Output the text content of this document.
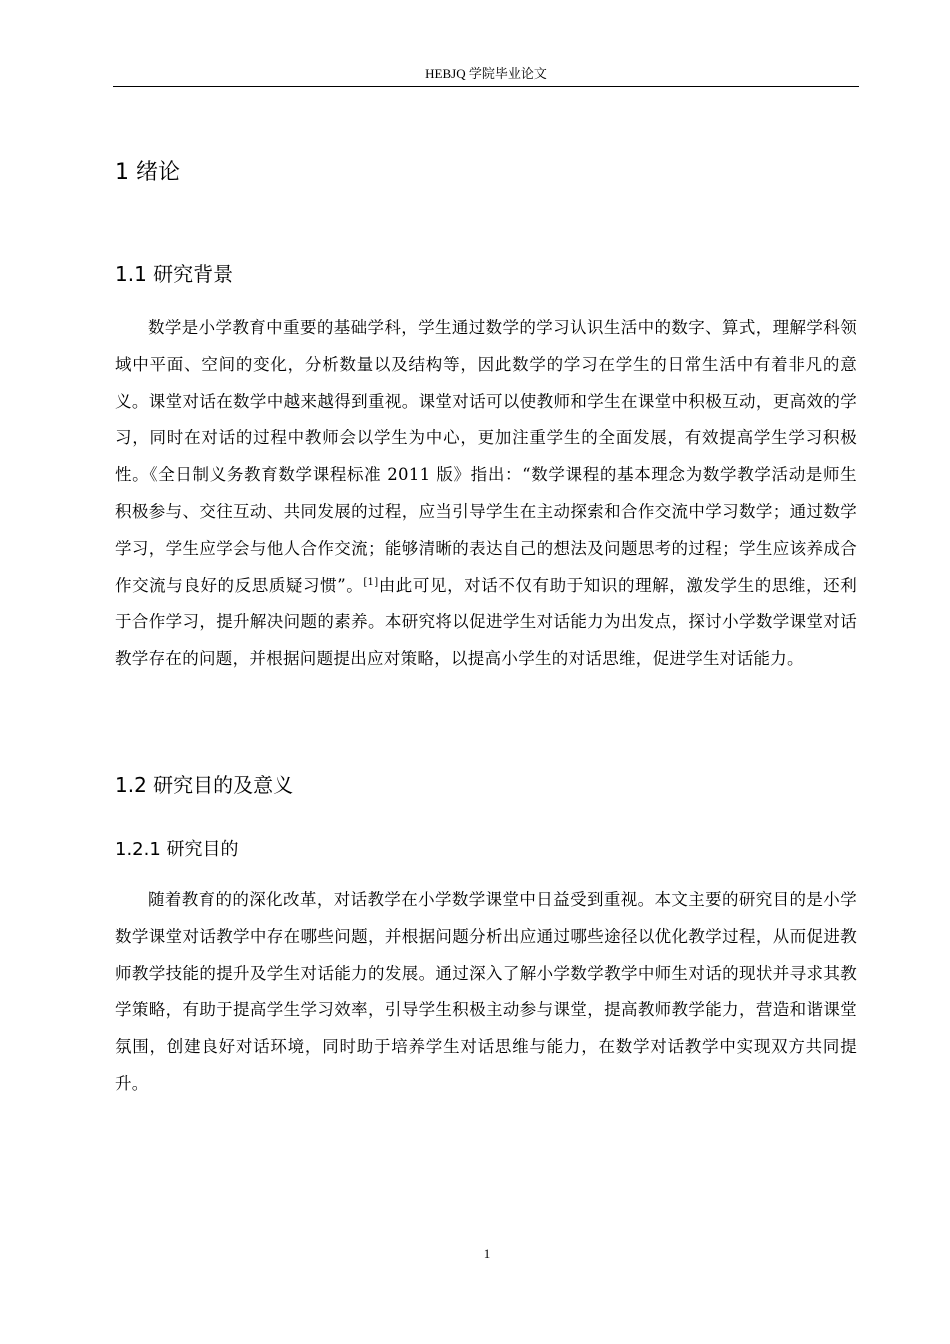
HEBJQ 学院毕业论文
1 绪论
1.1 研究背景

数学是小学教育中重要的基础学科，学生通过数学的学习认识生活中的数字、算式，理解学科领域中平面、空间的变化，分析数量以及结构等，因此数学的学习在学生的日常生活中有着非凡的意义。课堂对话在数学中越来越得到重视。课堂对话可以使教师和学生在课堂中积极互动，更高效的学习，同时在对话的过程中教师会以学生为中心，更加注重学生的全面发展，有效提高学生学习积极性。《全日制义务教育数学课程标准 2011 版》指出：“数学课程的基本理念为数学教学活动是师生积极参与、交往互动、共同发展的过程，应当引导学生在主动探索和合作交流中学习数学；通过数学学习，学生应学会与他人合作交流；能够清晰的表达自己的想法及问题思考的过程；学生应该养成合作交流与良好的反思质疑习惯”。[1]由此可见，对话不仅有助于知识的理解，激发学生的思维，还利于合作学习，提升解决问题的素养。本研究将以促进学生对话能力为出发点，探讨小学数学课堂对话教学存在的问题，并根据问题提出应对策略，以提高小学生的对话思维，促进学生对话能力。

1.2 研究目的及意义
1.2.1 研究目的

随着教育的的深化改革，对话教学在小学数学课堂中日益受到重视。本文主要的研究目的是小学数学课堂对话教学中存在哪些问题，并根据问题分析出应通过哪些途径以优化教学过程，从而促进教师教学技能的提升及学生对话能力的发展。通过深入了解小学数学教学中师生对话的现状并寻求其教学策略，有助于提高学生学习效率，引导学生积极主动参与课堂，提高教师教学能力，营造和谐课堂氛围，创建良好对话环境，同时助于培养学生对话思维与能力，在数学对话教学中实现双方共同提升。

1
